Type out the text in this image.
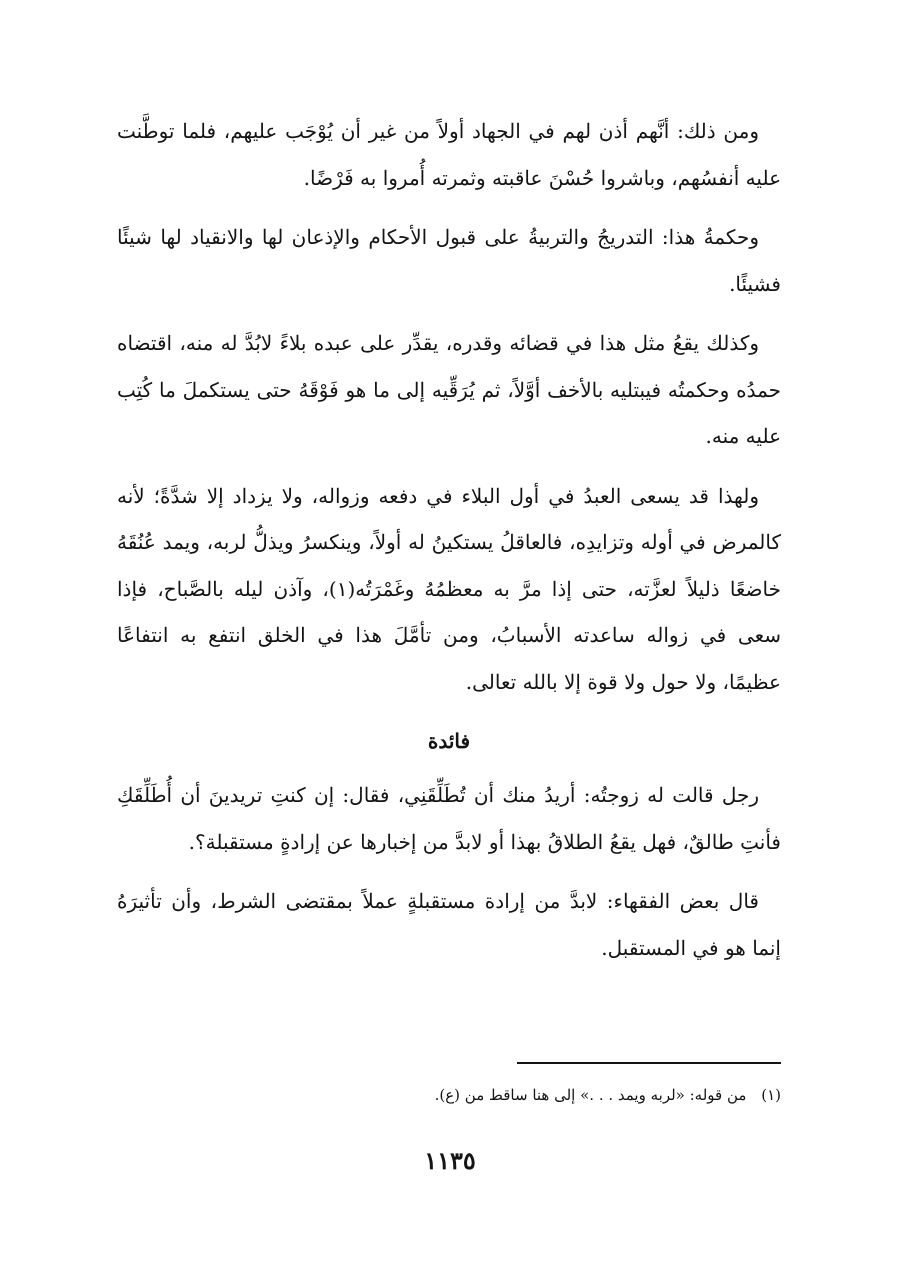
ومن ذلك: أنَّهم أذن لهم في الجهاد أولاً من غير أن يُوْجَب عليهم، فلما توطَّنت عليه أنفسُهم، وباشروا حُسْنَ عاقبته وثمرته أُمروا به فَرْضًا.

وحكمةُ هذا: التدريجُ والتربيةُ على قبول الأحكام والإذعان لها والانقياد لها شيئًا فشيئًا.

وكذلك يقعُ مثل هذا في قضائه وقدره، يقدِّر على عبده بلاءً لابُدَّ له منه، اقتضاه حمدُه وحكمتُه فيبتليه بالأخف أوَّلاً، ثم يُرَقِّيه إلى ما هو فَوْقَهُ حتى يستكملَ ما كُتِب عليه منه.

ولهذا قد يسعى العبدُ في أول البلاء في دفعه وزواله، ولا يزداد إلا شدَّةً؛ لأنه كالمرض في أوله وتزايدِه، فالعاقلُ يستكينُ له أولاً، وينكسرُ ويذلُّ لربه، ويمد عُنُقَهُ خاضعًا ذليلاً لعزَّته، حتى إذا مرَّ به معظمُهُ وغَمْرَتُه(١)، وآذن ليله بالصَّباح، فإذا سعى في زواله ساعدته الأسبابُ، ومن تأمَّلَ هذا في الخلق انتفع به انتفاعًا عظيمًا، ولا حول ولا قوة إلا بالله تعالى.

فائدة

رجل قالت له زوجتُه: أريدُ منك أن تُطَلِّقَنِي، فقال: إن كنتِ تريدينَ أن أُطَلِّقَكِ فأنتِ طالقٌ، فهل يقعُ الطلاقُ بهذا أو لابدَّ من إخبارها عن إرادةٍ مستقبلة؟.

قال بعض الفقهاء: لابدَّ من إرادة مستقبلةٍ عملاً بمقتضى الشرط، وأن تأثيرَهُ إنما هو في المستقبل.

(١) من قوله: «لربه ويمد . . .» إلى هنا ساقط من (ع).
١١٣٥
